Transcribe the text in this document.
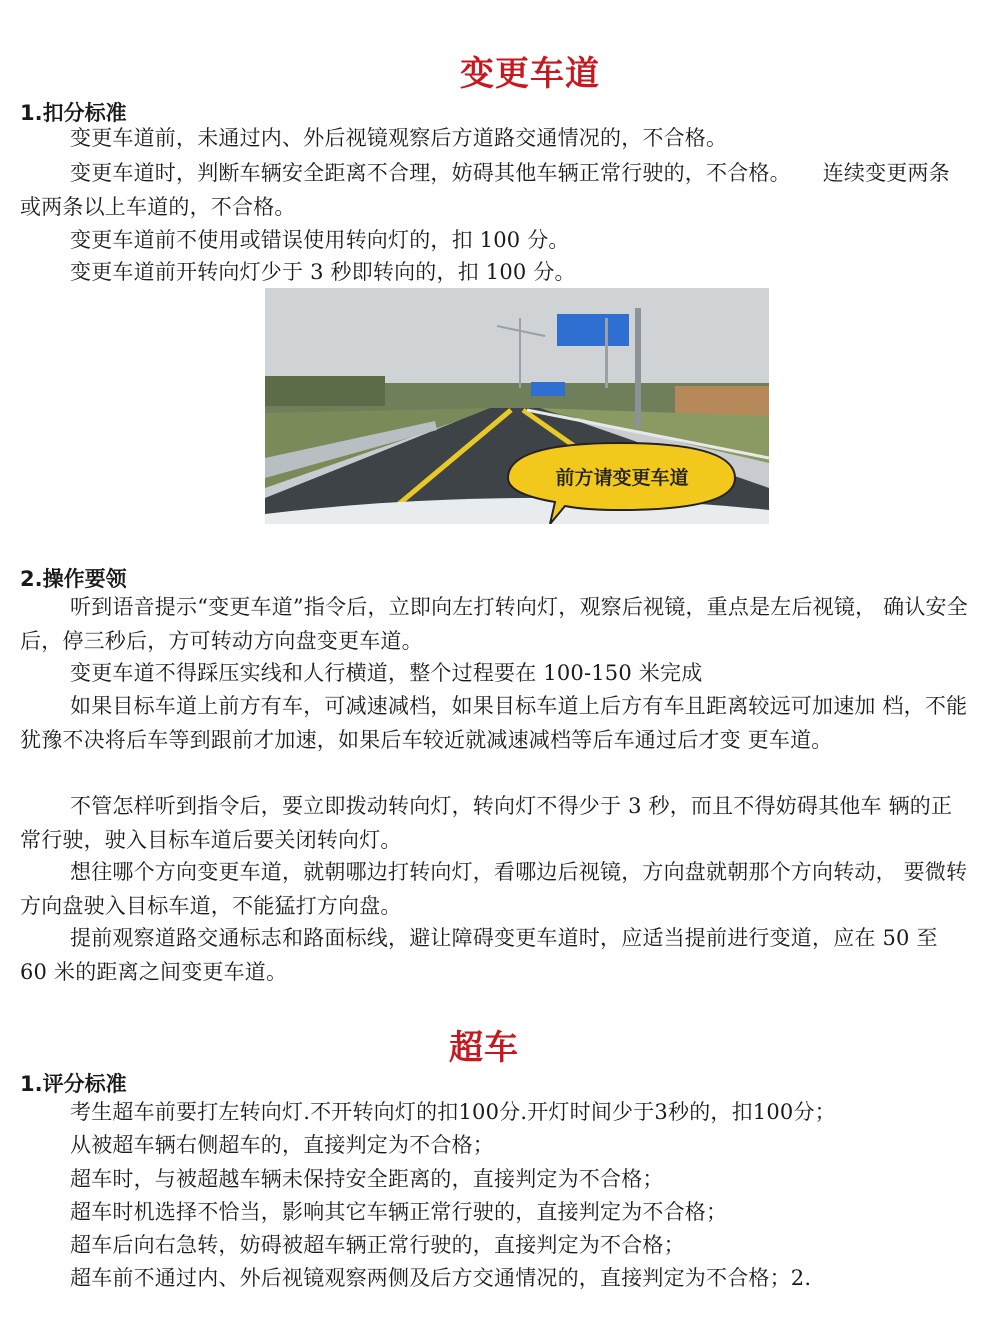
变更车道
1.扣分标准

变更车道前，未通过内、外后视镜观察后方道路交通情况的，不合格。

变更车道时，判断车辆安全距离不合理，妨碍其他车辆正常行驶的，不合格。　　连续变更两条或两条以上车道的，不合格。

变更车道前不使用或错误使用转向灯的，扣 100 分。

变更车道前开转向灯少于 3 秒即转向的，扣 100 分。

前方请变更车道
2.操作要领

听到语音提示“变更车道”指令后，立即向左打转向灯，观察后视镜，重点是左后视镜， 确认安全后，停三秒后，方可转动方向盘变更车道。

变更车道不得踩压实线和人行横道，整个过程要在 100-150 米完成

如果目标车道上前方有车，可减速减档，如果目标车道上后方有车且距离较远可加速加 档，不能犹豫不决将后车等到跟前才加速，如果后车较近就减速减档等后车通过后才变 更车道。

不管怎样听到指令后，要立即拨动转向灯，转向灯不得少于 3 秒，而且不得妨碍其他车 辆的正常行驶，驶入目标车道后要关闭转向灯。

想往哪个方向变更车道，就朝哪边打转向灯，看哪边后视镜，方向盘就朝那个方向转动， 要微转方向盘驶入目标车道，不能猛打方向盘。

提前观察道路交通标志和路面标线，避让障碍变更车道时，应适当提前进行变道，应在 50 至 60 米的距离之间变更车道。

超车
1.评分标准

考生超车前要打左转向灯.不开转向灯的扣100分.开灯时间少于3秒的，扣100分；

从被超车辆右侧超车的，直接判定为不合格；

超车时，与被超越车辆未保持安全距离的，直接判定为不合格；

超车时机选择不恰当，影响其它车辆正常行驶的，直接判定为不合格；

超车后向右急转，妨碍被超车辆正常行驶的，直接判定为不合格；

超车前不通过内、外后视镜观察两侧及后方交通情况的，直接判定为不合格；2.
